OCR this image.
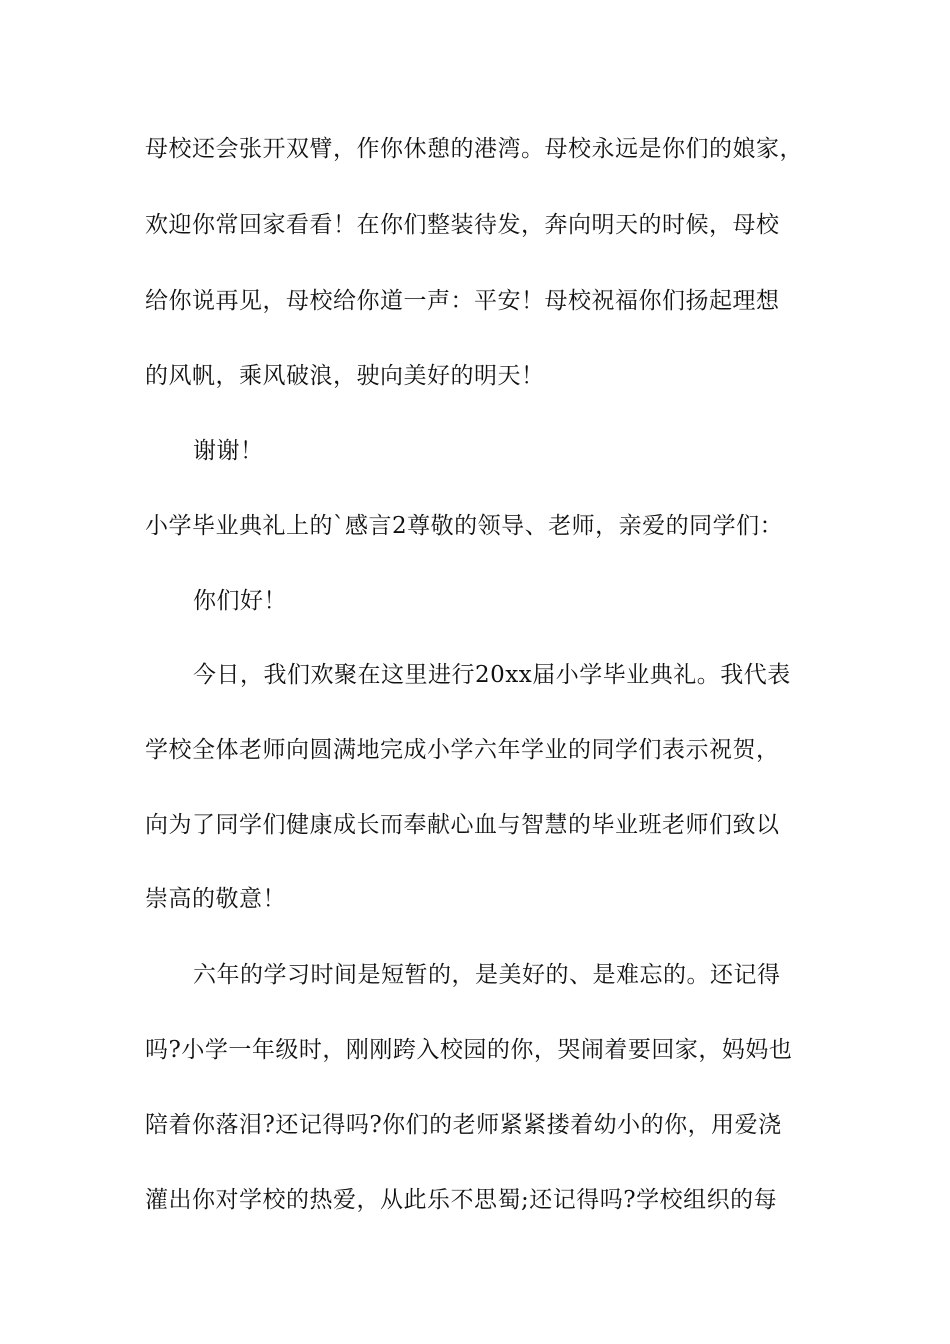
母校还会张开双臂，作你休憩的港湾。母校永远是你们的娘家，
欢迎你常回家看看！在你们整装待发，奔向明天的时候，母校
给你说再见，母校给你道一声：平安！母校祝福你们扬起理想
的风帆，乘风破浪，驶向美好的明天！
谢谢！
小学毕业典礼上的`感言2尊敬的领导、老师，亲爱的同学们：
你们好！
今日，我们欢聚在这里进行20xx届小学毕业典礼。我代表
学校全体老师向圆满地完成小学六年学业的同学们表示祝贺，
向为了同学们健康成长而奉献心血与智慧的毕业班老师们致以
崇高的敬意！
六年的学习时间是短暂的，是美好的、是难忘的。还记得
吗?小学一年级时，刚刚跨入校园的你，哭闹着要回家，妈妈也
陪着你落泪?还记得吗?你们的老师紧紧搂着幼小的你，用爱浇
灌出你对学校的热爱，从此乐不思蜀;还记得吗?学校组织的每
